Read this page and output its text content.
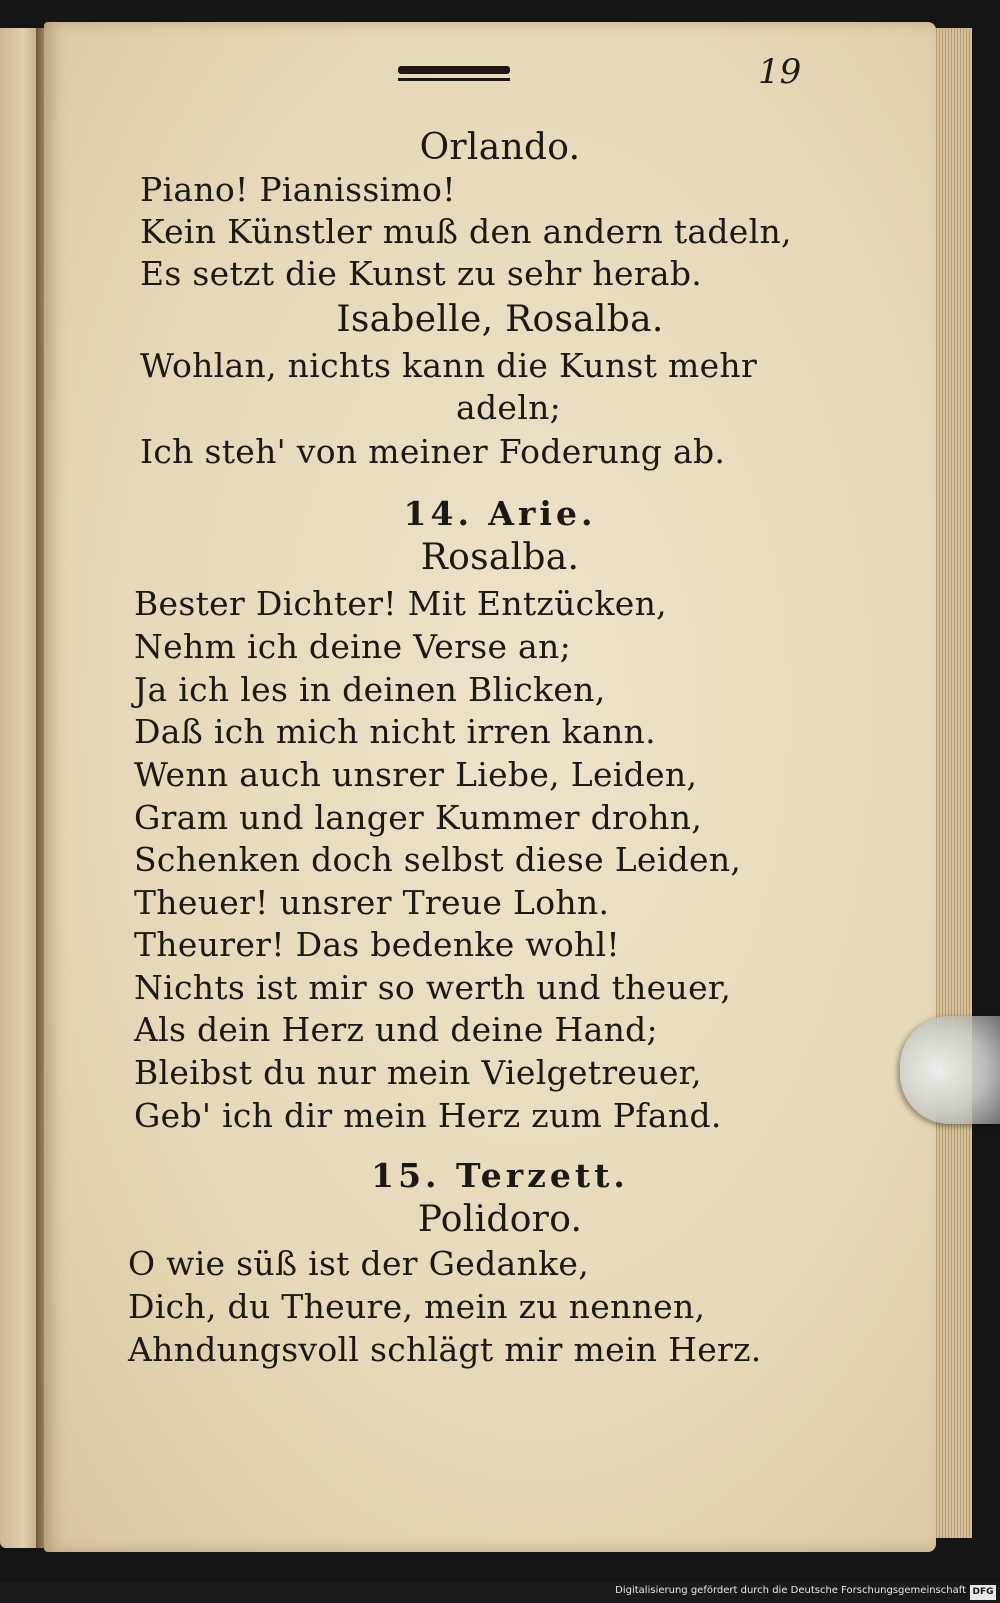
19

Orlando.

Piano! Pianissimo!

Kein Künstler muß den andern tadeln,

Es setzt die Kunst zu sehr herab.

Isabelle, Rosalba.

Wohlan, nichts kann die Kunst mehr

adeln;

Ich steh' von meiner Foderung ab.

14. Arie.

Rosalba.

Bester Dichter! Mit Entzücken,

Nehm ich deine Verse an;

Ja ich les in deinen Blicken,

Daß ich mich nicht irren kann.

Wenn auch unsrer Liebe, Leiden,

Gram und langer Kummer drohn,

Schenken doch selbst diese Leiden,

Theuer! unsrer Treue Lohn.

Theurer! Das bedenke wohl!

Nichts ist mir so werth und theuer,

Als dein Herz und deine Hand;

Bleibst du nur mein Vielgetreuer,

Geb' ich dir mein Herz zum Pfand.

15. Terzett.

Polidoro.

O wie süß ist der Gedanke,

Dich, du Theure, mein zu nennen,

Ahndungsvoll schlägt mir mein Herz.

Digitalisierung gefördert durch die Deutsche Forschungsgemeinschaft DFG
